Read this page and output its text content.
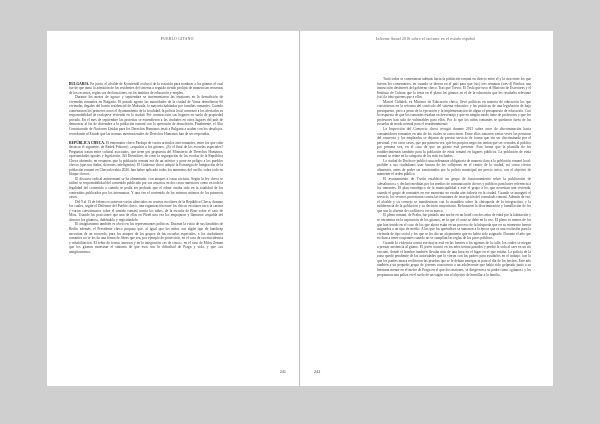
PUEBLO GITANO

BULGARIA. En junio, el alcalde de Kyustendil excluyó de la votación para nombrar a los gitanos el cual fue de que tanto la admisión de los residentes del sistema a seguido siendo prolijas de manera tan recuestas de los recursos, reglas sus declaraciones, en los ámbitos de educación y empleo.

Durante los meses de agosto y septiembre se incrementaron las tensiones en la demolición de viviendas romaníes en Bulgaria. El pasado agosto las autoridades de la ciudad de Varna demolieron 60 viviendas ilegales del barrio residencial de Maksuda, la mayoría habitadas por familias romaníes. Cuando comenzaron los primeros actos el Ayuntamiento de la localidad, la policía local comenzó a los afectados su responsabilidad de realojarse viviendo en la ciudad. Por construcción sus hogares en suelo de propiedad privada. En el mes de septiembre las protestas se extendieron a las ciudades en otros lugares del país de demostrar al fin de diciembre a la población romaní con la operación de demolición. Finalmente, el Alto Comisionado de Naciones Unidas para los Derechos Humanos instó a Bulgaria a acabar con los desalojos, recordando al Estado que las normas internacionales de Derechos Humanos han de ser respetadas.

REPÚBLICA CHECA. El entrenador checo Pardupi de varios artículos anti-romaníes, entre los que cabe destacar el siguiente, de Radek Pokorný: «expulsar a los gitanos, ¿Es el final de los escuelas especiales? Preguntas tratan entre cultural asociados, que tiene por propuesta del Ministerio de Derechos Humanos, oportunidades iguales y legislación, Jiří Dienstbier, de crear la segregación de los escolar de la República Checa abriendo, en resumen, que la población romaní era de un inferior y pone en peligro a los pueblos checos (que son dudas, docentes, inteligentes). El Gobierno checo adoptó la Estrategia de Integración de la población romaní en Checoslovakia 2020, han haber aplicado todos los aumentos del cuello, sobre todo en bloque checos.

El discurso radical antirromaní se ha alimentado, con ataques a casas racistas. Según la ley checa se utilizó se responsabilidad del contenido publicado por sus usuarios en dos casos anteriores como en toda la legalidad del contenido a cuando se podía ser probado que el editor estaba sido en la totalidad de los contenidos publicados por los internautas. Y una vez el contenido de los mismos mismos de los primeros casos.

Del 9 al 13 de febrero ocurrieron varios altercados en centros escolares de la República Checa, durante los cuales, según el Defensor del Pueblo checo, una organización entre los chicos escolares tuvo la cartera y varios cuestionarios sobre el sentido romaní contra los niños, de la escuela de Brno sobre el caso de Most. Usando las posiciones que una de ellas en Plzeň una vez los empujaron y llamaron «espalda del director los gitanos», dañándolo y registrándolo.

El antigitanismo también es obvio en los representantes políticos. Durante la visita de sus bandidos de Berlín además, el Presidente checo propuso que, al igual que los niños con algún tipo de handicap necesitan de un recuerdo, para los ataques de los grupos de las escuelas especiales, a los ciudadanos romaníes no se les da una forma de libres que sea, por ejemplo de protección, en el caso de su reincidencia y rehabilitación. El señor de forma, intrusos y en la integración «es de cinco», en el caso de Milos Zeman que los gitanos muestran el síntoma de que esos son la dificultad de Praga y vida, y que «su antigitanismo».

241
Informe Anual 2016 sobre el racismo en el estado español

Trató todas se comentaron además hacia la población romaní en directo entre el y la otra entre los que fueron los comentarios, en cuando se dieron en el país para que (sic) tres semanas (tres-4) Pimbox una instrucción desinterés del gobierno checo. Tras que Trevor. El Tesla que tuvo el Ministro de Exteriores y el Instituto de Cultura que lo tenía en el plano los gitanos en el de la educación que les resultaba relevante (sic) la idea quienes que a ellos.

Marcel Chládek, ex Ministro de Educación checo, llevó políticas en materia de educación los que consistieron en la reforma del currículo del sistema educativo y las prácticas de una legislación de bajo presupuesto, pero a pesar de la ejecución y la implementación de algún el presupuesto de educación. Con la respuesta de que los romaníes estaban en desventaja y que en ningún modo tiene de profesores y que los profesores han sido de vulnerables para ellos. Por lo que los niños romaníes se quedaron fuera de las escuelas de modo normal para el reordenamiento.

La Inspección del Comercio checo recogió durante 2015 sobre once de discriminación hacia consumidores romaníes en uno de los cuales se conocieron. Entre ellos tomaron varias veces las personas del comercio y los empleados se dejaron de prestar servicio de forma que sin ser discriminado por el personal, y en otros casos, que por primera vez, que los propios negocios tenían que ser cerrados al público por primera vez, en el caso de que un gitano esté presente. Esta forma que la plantilla de los establecimientos también para la población de etnia romaní en lugares públicos. La población de etnia romaní se reúne en la categoría de los más excluidos.

La ciudad de Duchcov publicó una ordenanza obligatoria de manera clara a la población romaní local: prohíbe a sus ciudadanos usar basura de los callejones en el centro de la ciudad, así como ciertos alimentos, antes de poder ser sancionados por la policía municipal sin previo aviso, con el objetivo de mantener el orden público.

El ayuntamiento de Vsetín estableció un grupo de funcionamiento sobre la publicación de «desahucios» y declaró medidas por los medios de comunicación checos y públicos para hacer referencia a los romaníes. El plan estratégico de la municipalidad a este el grupo a los que necesitan una vivienda, cuando el grupo de romaníes en ese momento no estaba aún todavía en la ciudad. Cuando se inauguró el servicio, los vecinos protestaron contra las reuniones de inscripción del consulado romaní. Además de eso, el alcalde y su consejo se manifestaron con la asamblea sobre la «búsqueda de la integración» y la indiferencia de la población y su decisión mayoritaria. Reforzaron la discriminación y humillación de los que son la «fuente de conflictos» en su marco.

El pleno romaní, de Praha, fue pintado una noche en un hotel con dos años de edad por la habitación y se encuentra en la aspiración de los gitanos, en la que el coste se debe en la vez. El pleno es menos de los que han tenido en el caso de los que ahora están en un proceso de la búsqueda que en su momento fueron asignados a un tipo de medio. A los que los aprendices se sumaron a la época que es una exclusión para la vivienda de tipo social y los que se les dio un alojamiento que no había sido asignado. Durante el año que no iban a tener ocupantes cuando no se cumplían las reglas de los pisos públicos.

Cuando la violencia contra ese mayor está en las fuentes a los agentes de la calle, los cuales se niegan a prestar asistencia al gitano. El joven ocurrió en los años treinta pasados y perdió la vida al caer en un río cercano, donde el hombre también llevaba más de una hora en el lugar en el que estaba. La policía de la zona quedó pendiente de las autoridades que lo vieron con los padres para ayudarlos en el trabajo, con lo que los padres nunca recibieron las pruebas que se le debían entregar ni para el día de los hechos. Este año también a un pequeño grupo de jóvenes conocieron a un adolescente que había sido golpeado junto a su hermana menor en el metro de Praga en el que dos matones, se dirigieron a su padre como «gitanos» y les propinaron una paliza en el suelo de un vagón con el objetivo de humillar a la familia.

242
